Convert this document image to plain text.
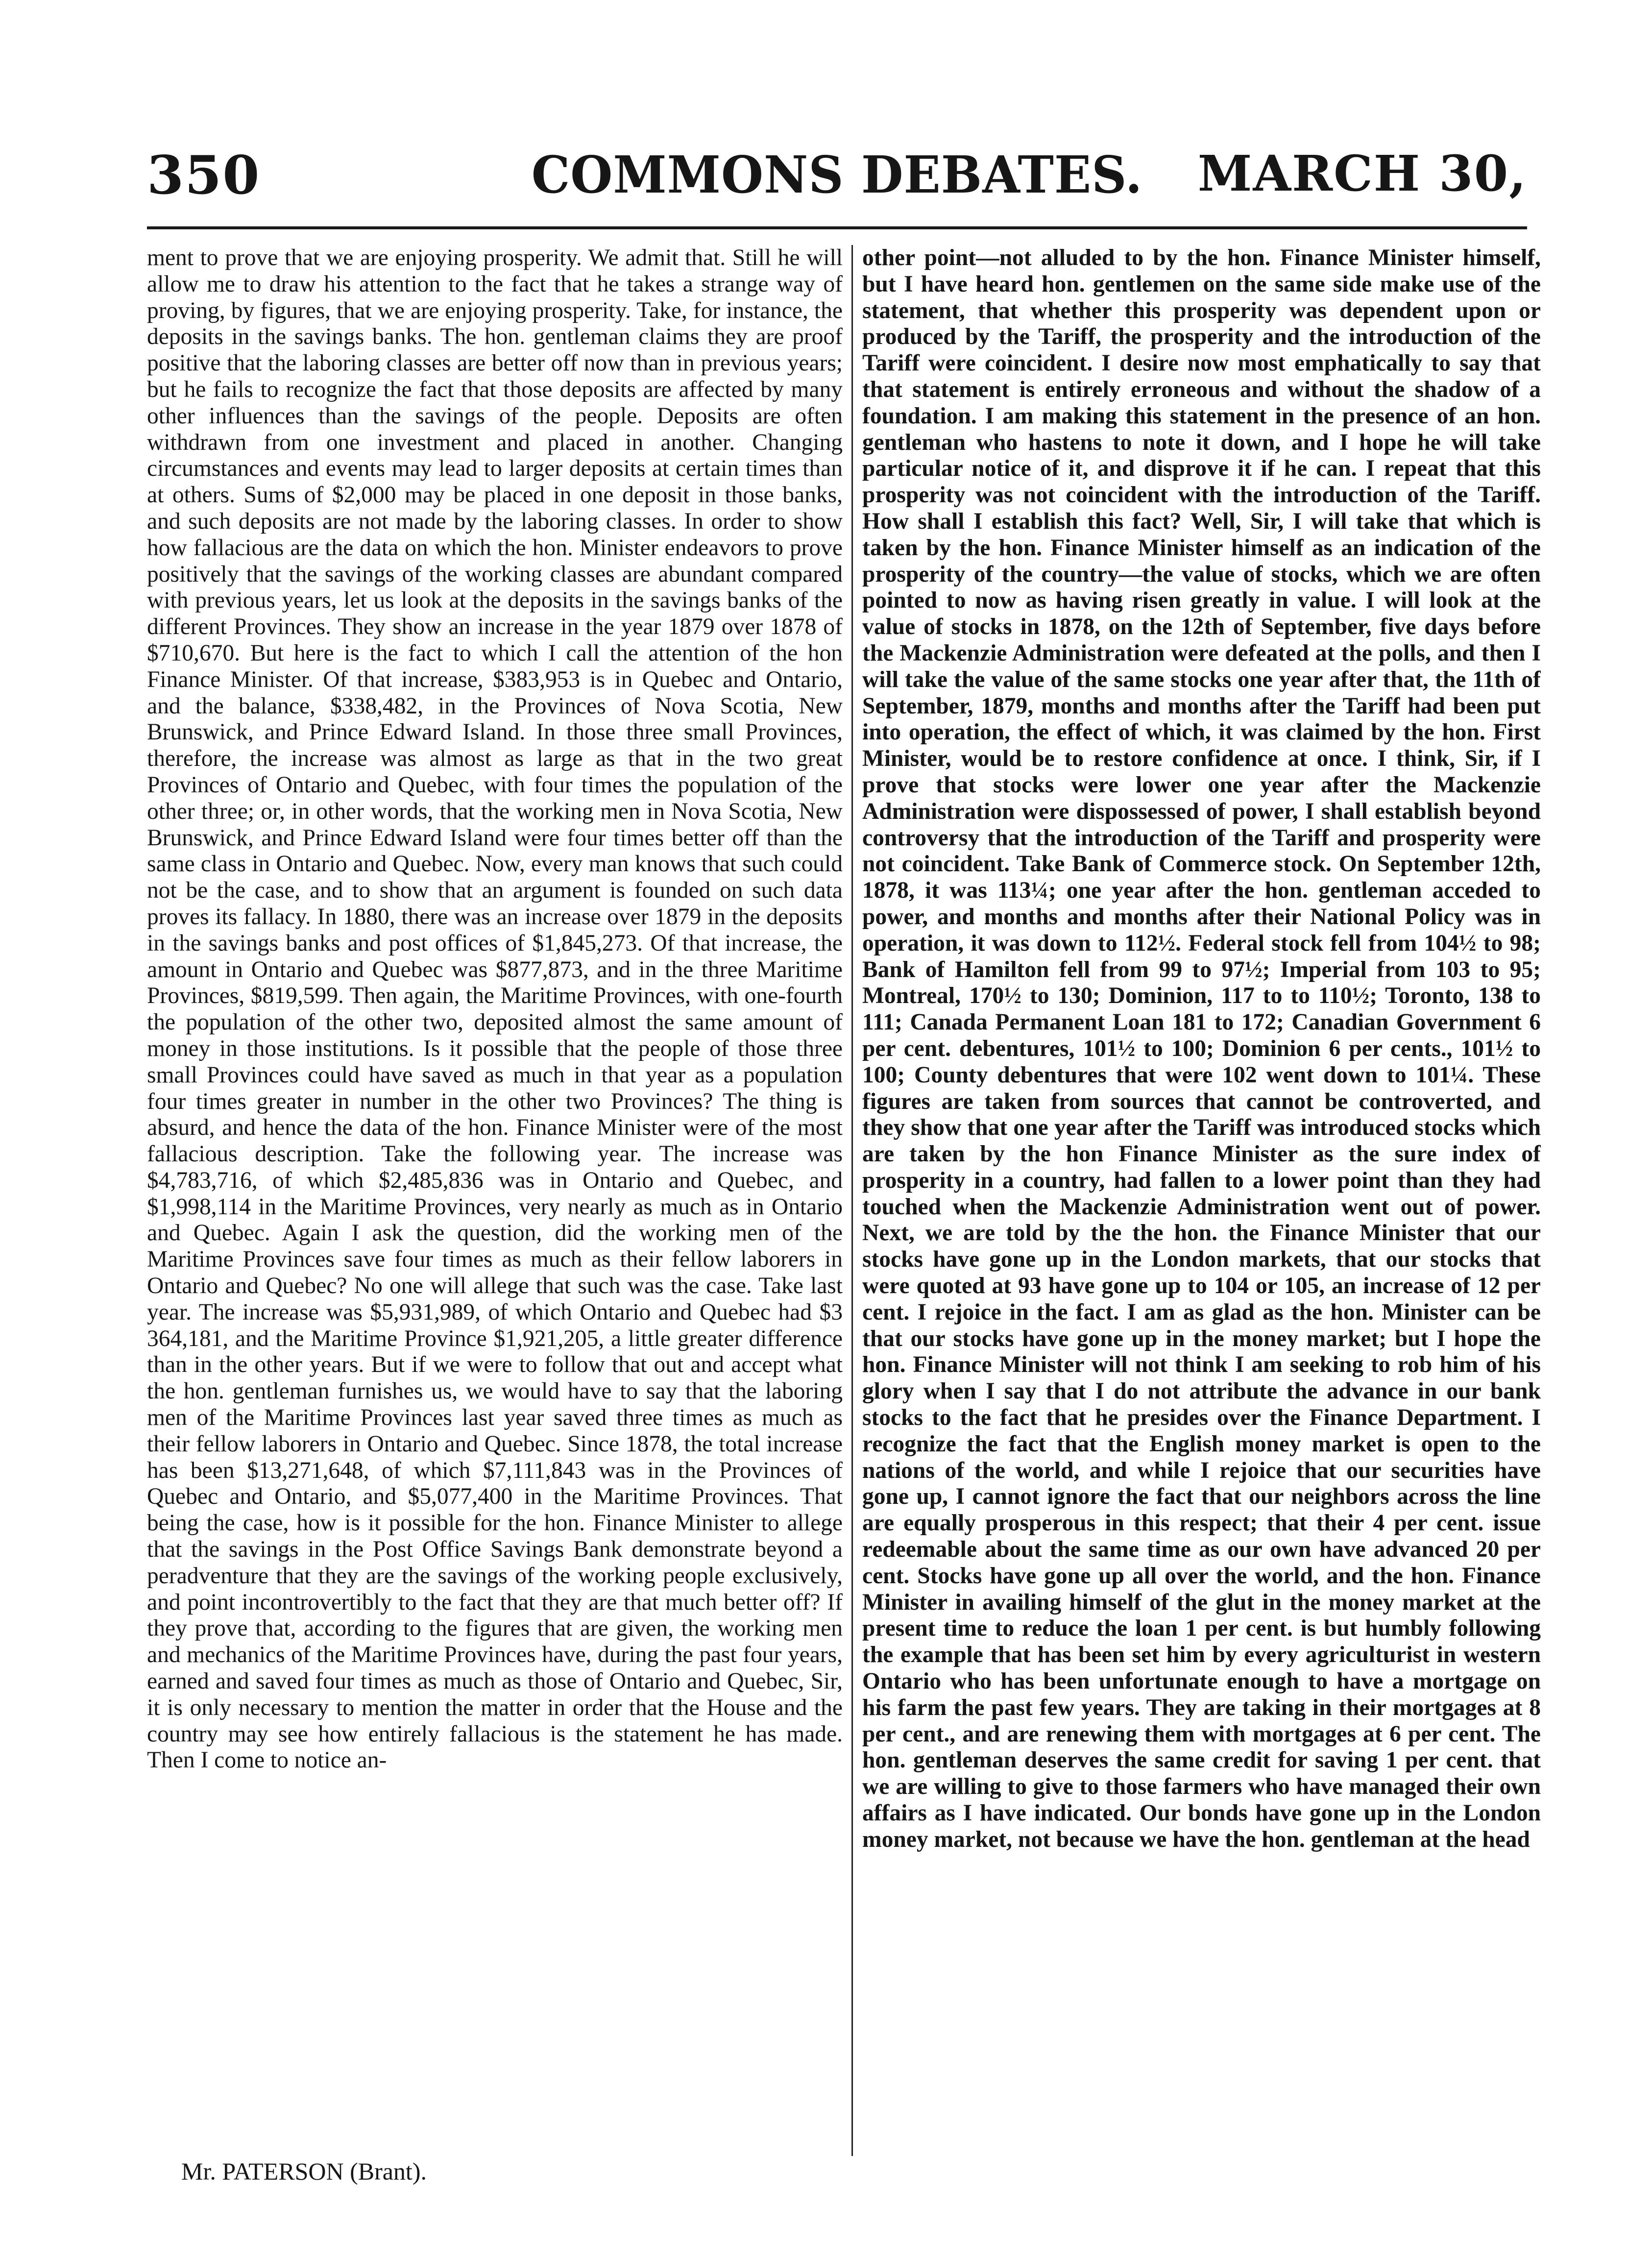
350	COMMONS DEBATES.	MARCH 30,

ment to prove that we are enjoying prosperity. We admit that. Still he will allow me to draw his attention to the fact that he takes a strange way of proving, by figures, that we are enjoying prosperity. Take, for instance, the deposits in the savings banks. The hon. gentleman claims they are proof positive that the laboring classes are better off now than in previous years; but he fails to recognize the fact that those deposits are affected by many other influences than the savings of the people. Deposits are often withdrawn from one investment and placed in another. Changing circumstances and events may lead to larger deposits at certain times than at others. Sums of $2,000 may be placed in one deposit in those banks, and such deposits are not made by the laboring classes. In order to show how fallacious are the data on which the hon. Minister endeavors to prove positively that the savings of the working classes are abundant compared with previous years, let us look at the deposits in the savings banks of the different Provinces. They show an increase in the year 1879 over 1878 of $710,670. But here is the fact to which I call the attention of the hon Finance Minister. Of that increase, $383,953 is in Quebec and Ontario, and the balance, $338,482, in the Provinces of Nova Scotia, New Brunswick, and Prince Edward Island. In those three small Provinces, therefore, the increase was almost as large as that in the two great Provinces of Ontario and Quebec, with four times the population of the other three; or, in other words, that the working men in Nova Scotia, New Brunswick, and Prince Edward Island were four times better off than the same class in Ontario and Quebec. Now, every man knows that such could not be the case, and to show that an argument is founded on such data proves its fallacy. In 1880, there was an increase over 1879 in the deposits in the savings banks and post offices of $1,845,273. Of that increase, the amount in Ontario and Quebec was $877,873, and in the three Maritime Provinces, $819,599. Then again, the Maritime Provinces, with one-fourth the population of the other two, deposited almost the same amount of money in those institutions. Is it possible that the people of those three small Provinces could have saved as much in that year as a population four times greater in number in the other two Provinces? The thing is absurd, and hence the data of the hon. Finance Minister were of the most fallacious description. Take the following year. The increase was $4,783,716, of which $2,485,836 was in Ontario and Quebec, and $1,998,114 in the Maritime Provinces, very nearly as much as in Ontario and Quebec. Again I ask the question, did the working men of the Maritime Provinces save four times as much as their fellow laborers in Ontario and Quebec? No one will allege that such was the case. Take last year. The increase was $5,931,989, of which Ontario and Quebec had $3 364,181, and the Maritime Province $1,921,205, a little greater difference than in the other years. But if we were to follow that out and accept what the hon. gentleman furnishes us, we would have to say that the laboring men of the Maritime Provinces last year saved three times as much as their fellow laborers in Ontario and Quebec. Since 1878, the total increase has been $13,271,648, of which $7,111,843 was in the Provinces of Quebec and Ontario, and $5,077,400 in the Maritime Provinces. That being the case, how is it possible for the hon. Finance Minister to allege that the savings in the Post Office Savings Bank demonstrate beyond a peradventure that they are the savings of the working people exclusively, and point incontrovertibly to the fact that they are that much better off? If they prove that, according to the figures that are given, the working men and mechanics of the Maritime Provinces have, during the past four years, earned and saved four times as much as those of Ontario and Quebec, Sir, it is only necessary to mention the matter in order that the House and the country may see how entirely fallacious is the statement he has made. Then I come to notice an-

other point—not alluded to by the hon. Finance Minister himself, but I have heard hon. gentlemen on the same side make use of the statement, that whether this prosperity was dependent upon or produced by the Tariff, the prosperity and the introduction of the Tariff were coincident. I desire now most emphatically to say that that statement is entirely erroneous and without the shadow of a foundation. I am making this statement in the presence of an hon. gentleman who hastens to note it down, and I hope he will take particular notice of it, and disprove it if he can. I repeat that this prosperity was not coincident with the introduction of the Tariff. How shall I establish this fact? Well, Sir, I will take that which is taken by the hon. Finance Minister himself as an indication of the prosperity of the country—the value of stocks, which we are often pointed to now as having risen greatly in value. I will look at the value of stocks in 1878, on the 12th of September, five days before the Mackenzie Administration were defeated at the polls, and then I will take the value of the same stocks one year after that, the 11th of September, 1879, months and months after the Tariff had been put into operation, the effect of which, it was claimed by the hon. First Minister, would be to restore confidence at once. I think, Sir, if I prove that stocks were lower one year after the Mackenzie Administration were dispossessed of power, I shall establish beyond controversy that the introduction of the Tariff and prosperity were not coincident. Take Bank of Commerce stock. On September 12th, 1878, it was 113¼; one year after the hon. gentleman acceded to power, and months and months after their National Policy was in operation, it was down to 112½. Federal stock fell from 104½ to 98; Bank of Hamilton fell from 99 to 97½; Imperial from 103 to 95; Montreal, 170½ to 130; Dominion, 117 to to 110½; Toronto, 138 to 111; Canada Permanent Loan 181 to 172; Canadian Government 6 per cent. debentures, 101½ to 100; Dominion 6 per cents., 101½ to 100; County debentures that were 102 went down to 101¼. These figures are taken from sources that cannot be controverted, and they show that one year after the Tariff was introduced stocks which are taken by the hon Finance Minister as the sure index of prosperity in a country, had fallen to a lower point than they had touched when the Mackenzie Administration went out of power. Next, we are told by the the hon. the Finance Minister that our stocks have gone up in the London markets, that our stocks that were quoted at 93 have gone up to 104 or 105, an increase of 12 per cent. I rejoice in the fact. I am as glad as the hon. Minister can be that our stocks have gone up in the money market; but I hope the hon. Finance Minister will not think I am seeking to rob him of his glory when I say that I do not attribute the advance in our bank stocks to the fact that he presides over the Finance Department. I recognize the fact that the English money market is open to the nations of the world, and while I rejoice that our securities have gone up, I cannot ignore the fact that our neighbors across the line are equally prosperous in this respect; that their 4 per cent. issue redeemable about the same time as our own have advanced 20 per cent. Stocks have gone up all over the world, and the hon. Finance Minister in availing himself of the glut in the money market at the present time to reduce the loan 1 per cent. is but humbly following the example that has been set him by every agriculturist in western Ontario who has been unfortunate enough to have a mortgage on his farm the past few years. They are taking in their mortgages at 8 per cent., and are renewing them with mortgages at 6 per cent. The hon. gentleman deserves the same credit for saving 1 per cent. that we are willing to give to those farmers who have managed their own affairs as I have indicated. Our bonds have gone up in the London money market, not because we have the hon. gentleman at the head

Mr. PATERSON (Brant).
